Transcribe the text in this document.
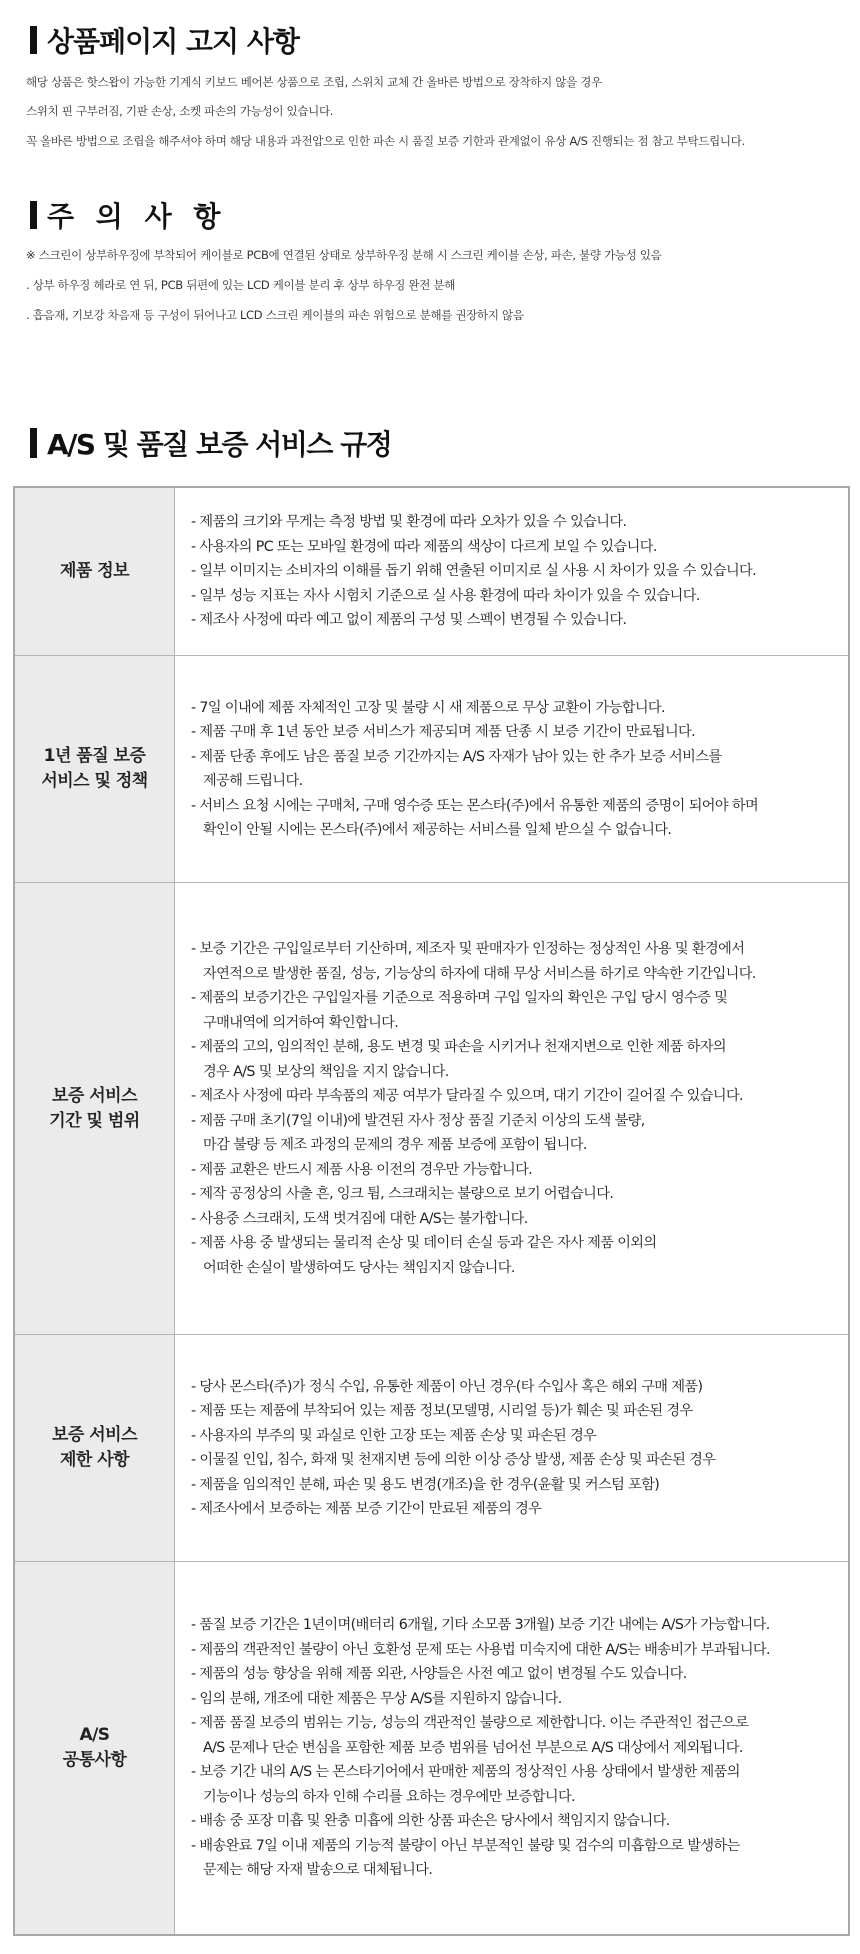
상품페이지 고지 사항
해당 상품은 핫스왑이 가능한 기계식 키보드 베어본 상품으로 조립, 스위치 교체 간 올바른 방법으로 장착하지 않을 경우
스위치 핀 구부러짐, 기판 손상, 소켓 파손의 가능성이 있습니다.
꼭 올바른 방법으로 조립을 해주셔야 하며 해당 내용과 과전압으로 인한 파손 시 품질 보증 기한과 관계없이 유상 A/S 진행되는 점 참고 부탁드립니다.
주 의 사 항
※ 스크린이 상부하우징에 부착되어 케이블로 PCB에 연결된 상태로 상부하우징 분해 시 스크린 케이블 손상, 파손, 불량 가능성 있음
. 상부 하우징 헤라로 연 뒤, PCB 뒤편에 있는 LCD 케이블 분리 후 상부 하우징 완전 분해
. 흡음재, 기보강 차음재 등 구성이 뒤어나고 LCD 스크린 케이블의 파손 위험으로 분해를 권장하지 않음
A/S 및 품질 보증 서비스 규정
제품 정보
- 제품의 크기와 무게는 측정 방법 및 환경에 따라 오차가 있을 수 있습니다.
- 사용자의 PC 또는 모바일 환경에 따라 제품의 색상이 다르게 보일 수 있습니다.
- 일부 이미지는 소비자의 이해를 돕기 위해 연출된 이미지로 실 사용 시 차이가 있을 수 있습니다.
- 일부 성능 지표는 자사 시험치 기준으로 실 사용 환경에 따라 차이가 있을 수 있습니다.
- 제조사 사정에 따라 예고 없이 제품의 구성 및 스펙이 변경될 수 있습니다.
1년 품질 보증
서비스 및 정책
- 7일 이내에 제품 자체적인 고장 및 불량 시 새 제품으로 무상 교환이 가능합니다.
- 제품 구매 후 1년 동안 보증 서비스가 제공되며 제품 단종 시 보증 기간이 만료됩니다.
- 제품 단종 후에도 남은 품질 보증 기간까지는 A/S 자재가 남아 있는 한 추가 보증 서비스를
제공해 드립니다.
- 서비스 요청 시에는 구매처, 구매 영수증 또는 몬스타(주)에서 유통한 제품의 증명이 되어야 하며
확인이 안될 시에는 몬스타(주)에서 제공하는 서비스를 일체 받으실 수 없습니다.
보증 서비스
기간 및 범위
- 보증 기간은 구입일로부터 기산하며, 제조자 및 판매자가 인정하는 정상적인 사용 및 환경에서
자연적으로 발생한 품질, 성능, 기능상의 하자에 대해 무상 서비스를 하기로 약속한 기간입니다.
- 제품의 보증기간은 구입일자를 기준으로 적용하며 구입 일자의 확인은 구입 당시 영수증 및
구매내역에 의거하여 확인합니다.
- 제품의 고의, 임의적인 분해, 용도 변경 및 파손을 시키거나 천재지변으로 인한 제품 하자의
경우 A/S 및 보상의 책임을 지지 않습니다.
- 제조사 사정에 따라 부속품의 제공 여부가 달라질 수 있으며, 대기 기간이 길어질 수 있습니다.
- 제품 구매 초기(7일 이내)에 발견된 자사 정상 품질 기준치 이상의 도색 불량,
마감 불량 등 제조 과정의 문제의 경우 제품 보증에 포함이 됩니다.
- 제품 교환은 반드시 제품 사용 이전의 경우만 가능합니다.
- 제작 공정상의 사출 흔, 잉크 튐, 스크래치는 불량으로 보기 어렵습니다.
- 사용중 스크래치, 도색 벗겨짐에 대한 A/S는 불가합니다.
- 제품 사용 중 발생되는 물리적 손상 및 데이터 손실 등과 같은 자사 제품 이외의
어떠한 손실이 발생하여도 당사는 책임지지 않습니다.
보증 서비스
제한 사항
- 당사 몬스타(주)가 정식 수입, 유통한 제품이 아닌 경우(타 수입사 혹은 해외 구매 제품)
- 제품 또는 제품에 부착되어 있는 제품 정보(모델명, 시리얼 등)가 훼손 및 파손된 경우
- 사용자의 부주의 및 과실로 인한 고장 또는 제품 손상 및 파손된 경우
- 이물질 인입, 침수, 화재 및 천재지변 등에 의한 이상 증상 발생, 제품 손상 및 파손된 경우
- 제품을 임의적인 분해, 파손 및 용도 변경(개조)을 한 경우(윤활 및 커스텀 포함)
- 제조사에서 보증하는 제품 보증 기간이 만료된 제품의 경우
A/S
공통사항
- 품질 보증 기간은 1년이며(배터리 6개월, 기타 소모품 3개월) 보증 기간 내에는 A/S가 가능합니다.
- 제품의 객관적인 불량이 아닌 호환성 문제 또는 사용법 미숙지에 대한 A/S는 배송비가 부과됩니다.
- 제품의 성능 향상을 위해 제품 외관, 사양들은 사전 예고 없이 변경될 수도 있습니다.
- 임의 분해, 개조에 대한 제품은 무상 A/S를 지원하지 않습니다.
- 제품 품질 보증의 범위는 기능, 성능의 객관적인 불량으로 제한합니다. 이는 주관적인 접근으로
A/S 문제나 단순 변심을 포함한 제품 보증 범위를 넘어선 부분으로 A/S 대상에서 제외됩니다.
- 보증 기간 내의 A/S 는 몬스타기어에서 판매한 제품의 정상적인 사용 상태에서 발생한 제품의
기능이나 성능의 하자 인해 수리를 요하는 경우에만 보증합니다.
- 배송 중 포장 미흡 및 완충 미흡에 의한 상품 파손은 당사에서 책임지지 않습니다.
- 배송완료 7일 이내 제품의 기능적 불량이 아닌 부분적인 불량 및 검수의 미흡함으로 발생하는
문제는 해당 자재 발송으로 대체됩니다.
